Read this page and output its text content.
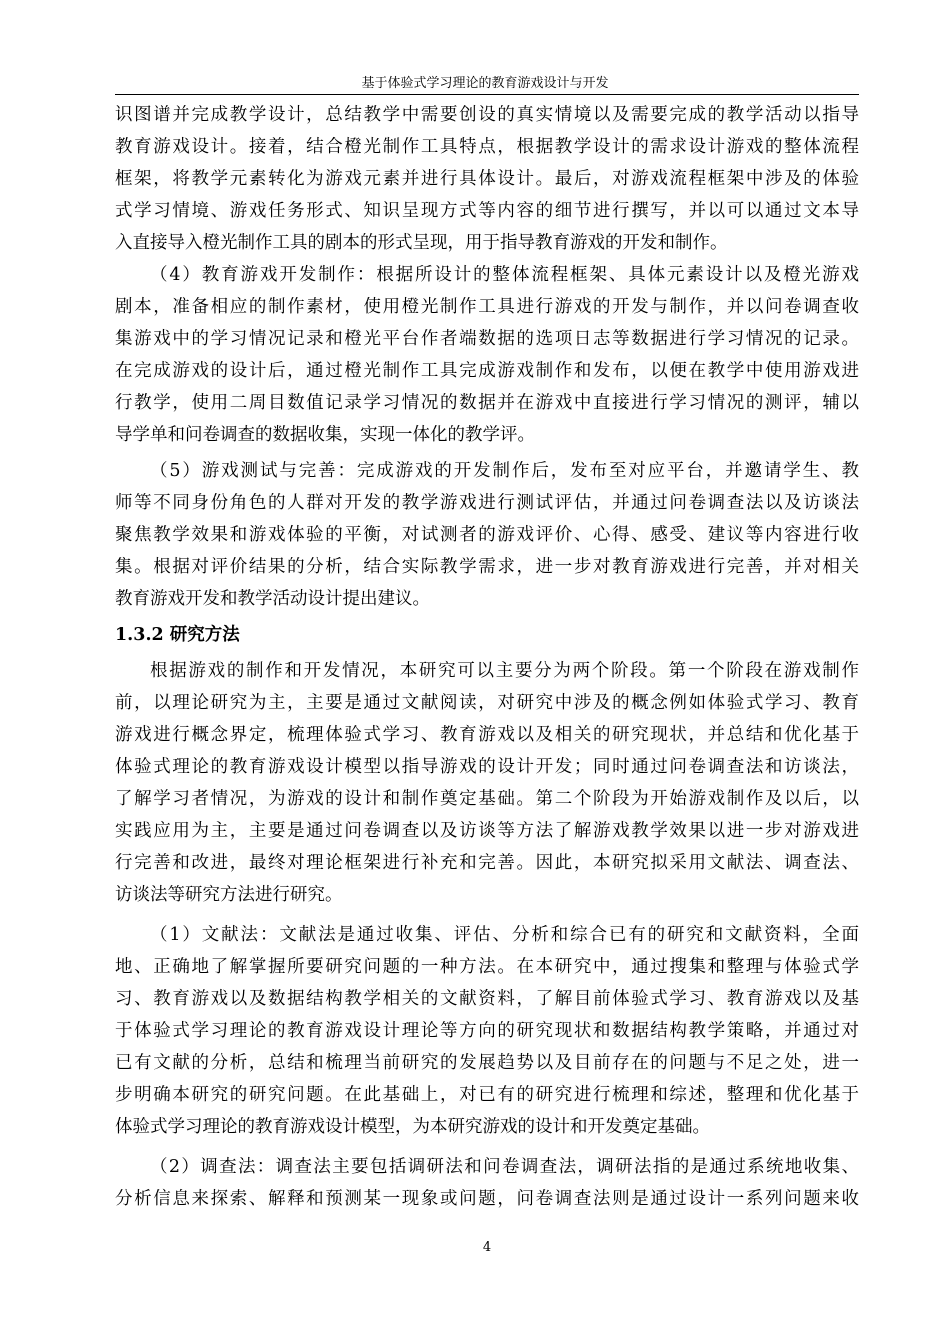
基于体验式学习理论的教育游戏设计与开发
识图谱并完成教学设计，总结教学中需要创设的真实情境以及需要完成的教学活动以指导
教育游戏设计。接着，结合橙光制作工具特点，根据教学设计的需求设计游戏的整体流程
框架，将教学元素转化为游戏元素并进行具体设计。最后，对游戏流程框架中涉及的体验
式学习情境、游戏任务形式、知识呈现方式等内容的细节进行撰写，并以可以通过文本导
入直接导入橙光制作工具的剧本的形式呈现，用于指导教育游戏的开发和制作。
（4）教育游戏开发制作：根据所设计的整体流程框架、具体元素设计以及橙光游戏
剧本，准备相应的制作素材，使用橙光制作工具进行游戏的开发与制作，并以问卷调查收
集游戏中的学习情况记录和橙光平台作者端数据的选项日志等数据进行学习情况的记录。
在完成游戏的设计后，通过橙光制作工具完成游戏制作和发布，以便在教学中使用游戏进
行教学，使用二周目数值记录学习情况的数据并在游戏中直接进行学习情况的测评，辅以
导学单和问卷调查的数据收集，实现一体化的教学评。
（5）游戏测试与完善：完成游戏的开发制作后，发布至对应平台，并邀请学生、教
师等不同身份角色的人群对开发的教学游戏进行测试评估，并通过问卷调查法以及访谈法
聚焦教学效果和游戏体验的平衡，对试测者的游戏评价、心得、感受、建议等内容进行收
集。根据对评价结果的分析，结合实际教学需求，进一步对教育游戏进行完善，并对相关
教育游戏开发和教学活动设计提出建议。
1.3.2 研究方法
根据游戏的制作和开发情况，本研究可以主要分为两个阶段。第一个阶段在游戏制作
前，以理论研究为主，主要是通过文献阅读，对研究中涉及的概念例如体验式学习、教育
游戏进行概念界定，梳理体验式学习、教育游戏以及相关的研究现状，并总结和优化基于
体验式理论的教育游戏设计模型以指导游戏的设计开发；同时通过问卷调查法和访谈法，
了解学习者情况，为游戏的设计和制作奠定基础。第二个阶段为开始游戏制作及以后，以
实践应用为主，主要是通过问卷调查以及访谈等方法了解游戏教学效果以进一步对游戏进
行完善和改进，最终对理论框架进行补充和完善。因此，本研究拟采用文献法、调查法、
访谈法等研究方法进行研究。
（1）文献法：文献法是通过收集、评估、分析和综合已有的研究和文献资料，全面
地、正确地了解掌握所要研究问题的一种方法。在本研究中，通过搜集和整理与体验式学
习、教育游戏以及数据结构教学相关的文献资料，了解目前体验式学习、教育游戏以及基
于体验式学习理论的教育游戏设计理论等方向的研究现状和数据结构教学策略，并通过对
已有文献的分析，总结和梳理当前研究的发展趋势以及目前存在的问题与不足之处，进一
步明确本研究的研究问题。在此基础上，对已有的研究进行梳理和综述，整理和优化基于
体验式学习理论的教育游戏设计模型，为本研究游戏的设计和开发奠定基础。
（2）调查法：调查法主要包括调研法和问卷调查法，调研法指的是通过系统地收集、
分析信息来探索、解释和预测某一现象或问题，问卷调查法则是通过设计一系列问题来收
4
